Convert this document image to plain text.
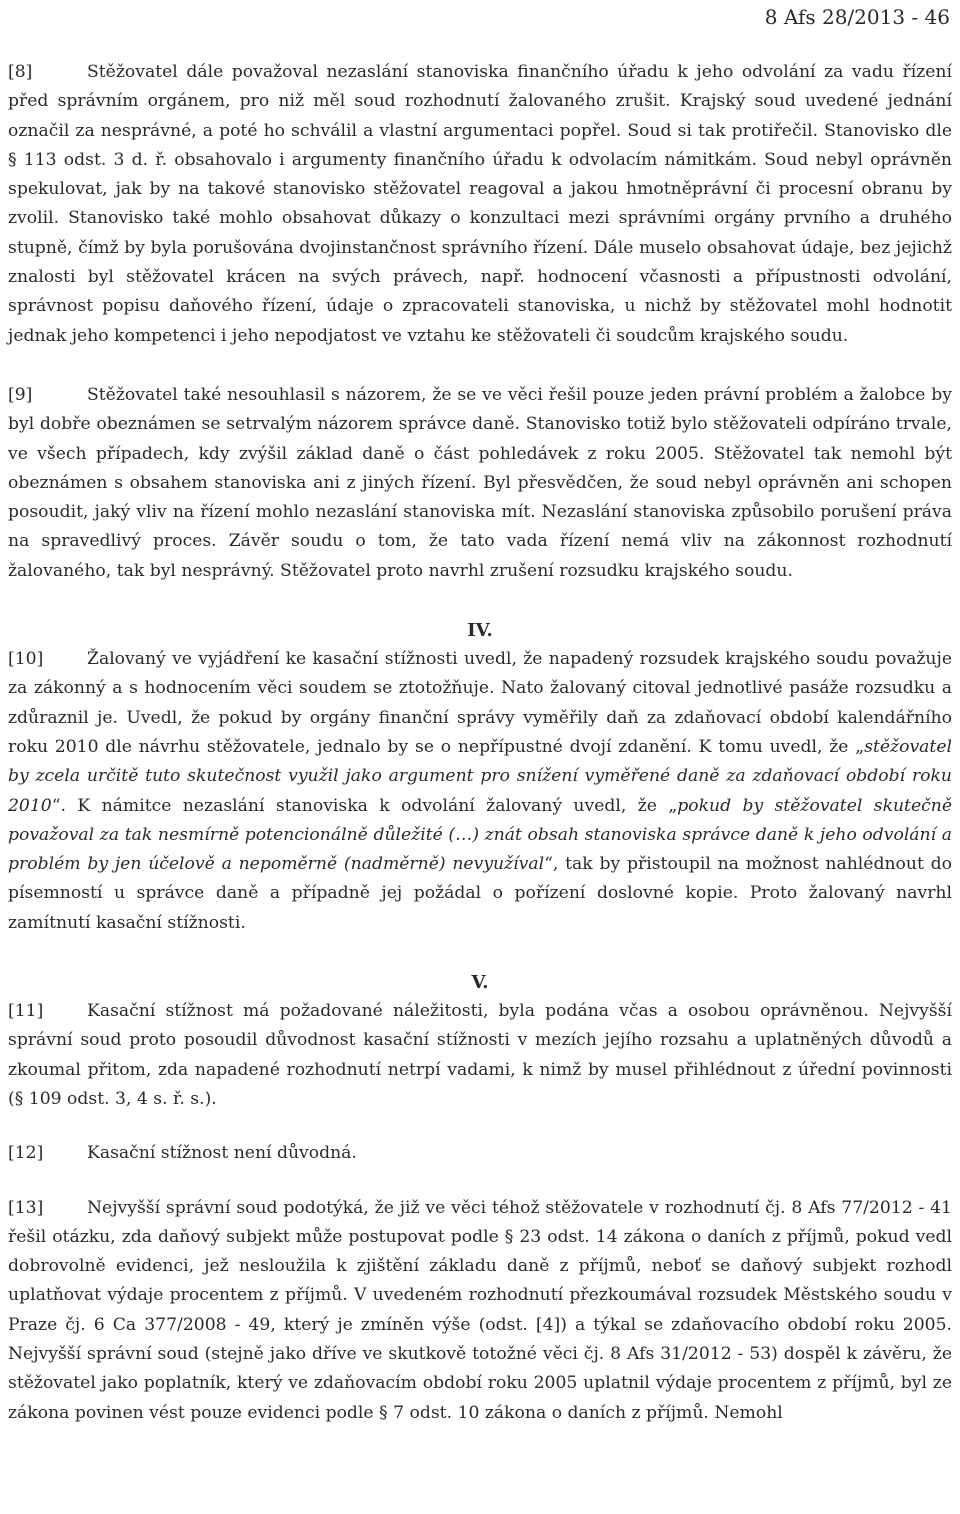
8 Afs 28/2013 - 46

[8]	Stěžovatel dále považoval nezaslání stanoviska finančního úřadu k jeho odvolání za vadu řízení před správním orgánem, pro niž měl soud rozhodnutí žalovaného zrušit. Krajský soud uvedené jednání označil za nesprávné, a poté ho schválil a vlastní argumentaci popřel. Soud si tak protiřečil. Stanovisko dle § 113 odst. 3 d. ř. obsahovalo i argumenty finančního úřadu k odvolacím námitkám. Soud nebyl oprávněn spekulovat, jak by na takové stanovisko stěžovatel reagoval a jakou hmotněprávní či procesní obranu by zvolil. Stanovisko také mohlo obsahovat důkazy o konzultaci mezi správními orgány prvního a druhého stupně, čímž by byla porušována dvojinstančnost správního řízení. Dále muselo obsahovat údaje, bez jejichž znalosti byl stěžovatel krácen na svých právech, např. hodnocení včasnosti a přípustnosti odvolání, správnost popisu daňového řízení, údaje o zpracovateli stanoviska, u nichž by stěžovatel mohl hodnotit jednak jeho kompetenci i jeho nepodjatost ve vztahu ke stěžovateli či soudcům krajského soudu.

[9]	Stěžovatel také nesouhlasil s názorem, že se ve věci řešil pouze jeden právní problém a žalobce by byl dobře obeznámen se setrvalým názorem správce daně. Stanovisko totiž bylo stěžovateli odpíráno trvale, ve všech případech, kdy zvýšil základ daně o část pohledávek z roku 2005. Stěžovatel tak nemohl být obeznámen s obsahem stanoviska ani z jiných řízení. Byl přesvědčen, že soud nebyl oprávněn ani schopen posoudit, jaký vliv na řízení mohlo nezaslání stanoviska mít. Nezaslání stanoviska způsobilo porušení práva na spravedlivý proces. Závěr soudu o tom, že tato vada řízení nemá vliv na zákonnost rozhodnutí žalovaného, tak byl nesprávný. Stěžovatel proto navrhl zrušení rozsudku krajského soudu.

IV.

[10]	Žalovaný ve vyjádření ke kasační stížnosti uvedl, že napadený rozsudek krajského soudu považuje za zákonný a s hodnocením věci soudem se ztotožňuje. Nato žalovaný citoval jednotlivé pasáže rozsudku a zdůraznil je. Uvedl, že pokud by orgány finanční správy vyměřily daň za zdaňovací období kalendářního roku 2010 dle návrhu stěžovatele, jednalo by se o nepřípustné dvojí zdanění. K tomu uvedl, že „stěžovatel by zcela určitě tuto skutečnost využil jako argument pro snížení vyměřené daně za zdaňovací období roku 2010“. K námitce nezaslání stanoviska k odvolání žalovaný uvedl, že „pokud by stěžovatel skutečně považoval za tak nesmírně potencionálně důležité (…) znát obsah stanoviska správce daně k jeho odvolání a problém by jen účelově a nepoměrně (nadměrně) nevyužíval“, tak by přistoupil na možnost nahlédnout do písemností u správce daně a případně jej požádal o pořízení doslovné kopie. Proto žalovaný navrhl zamítnutí kasační stížnosti.

V.

[11]	Kasační stížnost má požadované náležitosti, byla podána včas a osobou oprávněnou. Nejvyšší správní soud proto posoudil důvodnost kasační stížnosti v mezích jejího rozsahu a uplatněných důvodů a zkoumal přitom, zda napadené rozhodnutí netrpí vadami, k nimž by musel přihlédnout z úřední povinnosti (§ 109 odst. 3, 4 s. ř. s.).

[12]	Kasační stížnost není důvodná.

[13]	Nejvyšší správní soud podotýká, že již ve věci téhož stěžovatele v rozhodnutí čj. 8 Afs 77/2012 - 41 řešil otázku, zda daňový subjekt může postupovat podle § 23 odst. 14 zákona o daních z příjmů, pokud vedl dobrovolně evidenci, jež nesloužila k zjištění základu daně z příjmů, neboť se daňový subjekt rozhodl uplatňovat výdaje procentem z příjmů. V uvedeném rozhodnutí přezkoumával rozsudek Městského soudu v Praze čj. 6 Ca 377/2008 - 49, který je zmíněn výše (odst. [4]) a týkal se zdaňovacího období roku 2005. Nejvyšší správní soud (stejně jako dříve ve skutkově totožné věci čj. 8 Afs 31/2012 - 53) dospěl k závěru, že stěžovatel jako poplatník, který ve zdaňovacím období roku 2005 uplatnil výdaje procentem z příjmů, byl ze zákona povinen vést pouze evidenci podle § 7 odst. 10 zákona o daních z příjmů. Nemohl
